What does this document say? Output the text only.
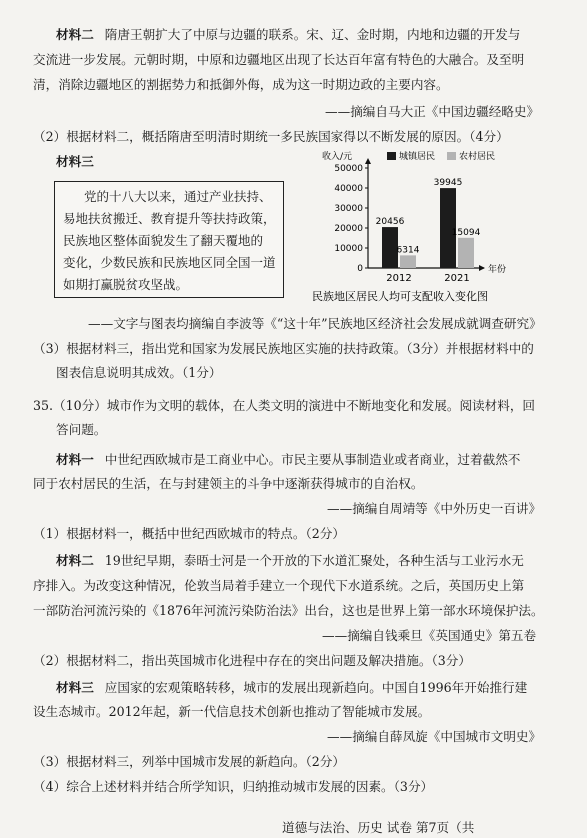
材料二 隋唐王朝扩大了中原与边疆的联系。宋、辽、金时期，内地和边疆的开发与
交流进一步发展。元朝时期，中原和边疆地区出现了长达百年富有特色的大融合。及至明
清，消除边疆地区的割据势力和抵御外侮，成为这一时期边政的主要内容。
——摘编自马大正《中国边疆经略史》
（2）根据材料二，概括隋唐至明清时期统一多民族国家得以不断发展的原因。（4分）
材料三
党的十八大以来，通过产业扶持、
易地扶贫搬迁、教育提升等扶持政策，
民族地区整体面貌发生了翻天覆地的
变化，少数民族和民族地区同全国一道
如期打赢脱贫攻坚战。
收入/元	城镇居民	农村居民
年份
0
10000
20000
30000
40000
50000
20456
6314
2012
39945
15094
2021
民族地区居民人均可支配收入变化图
——文字与图表均摘编自李波等《“这十年”民族地区经济社会发展成就调查研究》
（3）根据材料三，指出党和国家为发展民族地区实施的扶持政策。（3分）并根据材料中的
图表信息说明其成效。（1分）
35.（10分）城市作为文明的载体，在人类文明的演进中不断地变化和发展。阅读材料，回
答问题。
材料一 中世纪西欧城市是工商业中心。市民主要从事制造业或者商业，过着截然不
同于农村居民的生活，在与封建领主的斗争中逐渐获得城市的自治权。
——摘编自周靖等《中外历史一百讲》
（1）根据材料一，概括中世纪西欧城市的特点。（2分）
材料二 19世纪早期，泰晤士河是一个开放的下水道汇聚处，各种生活与工业污水无
序排入。为改变这种情况，伦敦当局着手建立一个现代下水道系统。之后，英国历史上第
一部防治河流污染的《1876年河流污染防治法》出台，这也是世界上第一部水环境保护法。
——摘编自钱乘旦《英国通史》第五卷
（2）根据材料二，指出英国城市化进程中存在的突出问题及解决措施。（3分）
材料三 应国家的宏观策略转移，城市的发展出现新趋向。中国自1996年开始推行建
设生态城市。2012年起，新一代信息技术创新也推动了智能城市发展。
——摘编自薛凤旋《中国城市文明史》
（3）根据材料三，列举中国城市发展的新趋向。（2分）
（4）综合上述材料并结合所学知识，归纳推动城市发展的因素。（3分）
道德与法治、历史 试卷 第7页（共
